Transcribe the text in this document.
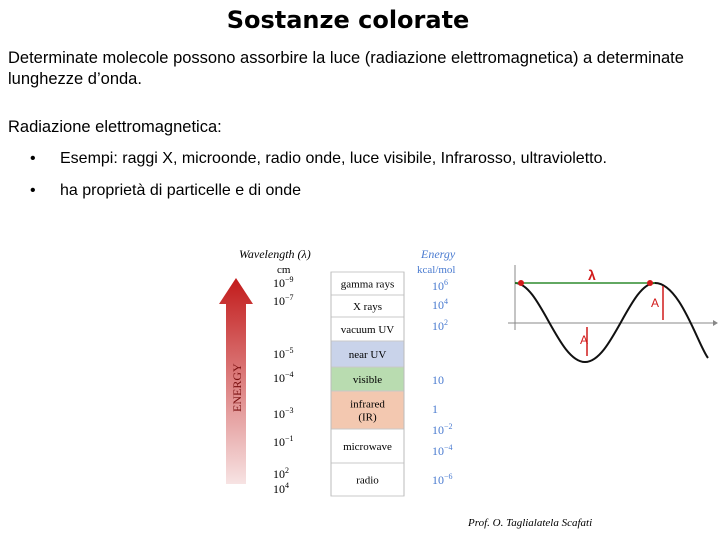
Sostanze colorate
Determinate molecole possono assorbire la luce (radiazione elettromagnetica) a determinate lunghezze d’onda.
Radiazione elettromagnetica:
• Esempi: raggi X, microonde, radio onde, luce visibile, Infrarosso, ultravioletto.
• ha proprietà di particelle e di onde
ENERGY
Wavelength (λ)
cm
Energy
kcal/mol
gamma rays
X rays
vacuum UV
near UV
visible
infrared
(IR)
microwave
radio
$10^{-9}$
$10^{-7}$
$10^{-5}$
$10^{-4}$
$10^{-3}$
$10^{-1}$
$10^2$
$10^4$
$10^6$
$10^4$
$10^2$
10
1
$10^{-2}$
$10^{-6}$
$10^{-4}$
λ
A
A
Prof. O. Taglialatela Scafati
